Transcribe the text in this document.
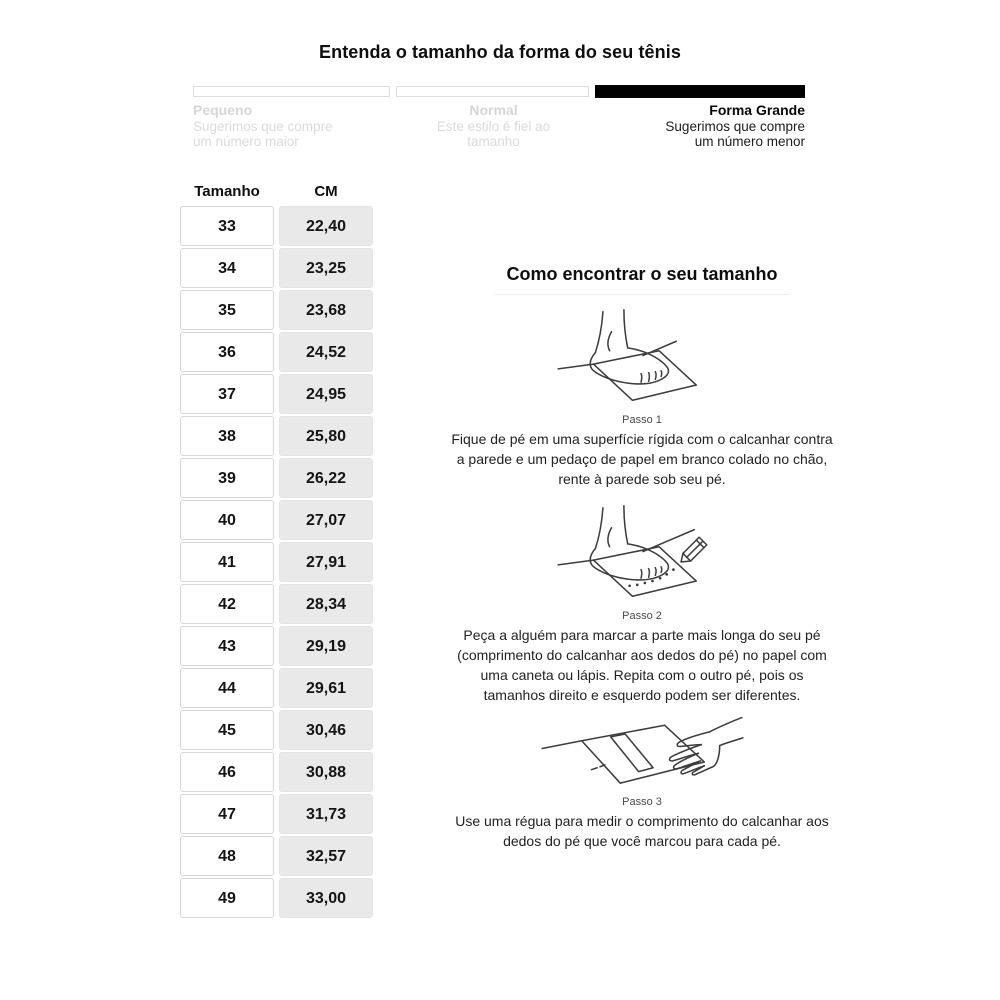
Entenda o tamanho da forma do seu tênis
Pequeno
Sugerimos que compre um número maior
Normal
Este estilo é fiel ao tamanho
Forma Grande
Sugerimos que compre um número menor
Tamanho	CM
33	22,40
34	23,25
35	23,68
36	24,52
37	24,95
38	25,80
39	26,22
40	27,07
41	27,91
42	28,34
43	29,19
44	29,61
45	30,46
46	30,88
47	31,73
48	32,57
49	33,00
Como encontrar o seu tamanho
Passo 1
Fique de pé em uma superfície rígida com o calcanhar contra a parede e um pedaço de papel em branco colado no chão, rente à parede sob seu pé.
Passo 2
Peça a alguém para marcar a parte mais longa do seu pé (comprimento do calcanhar aos dedos do pé) no papel com uma caneta ou lápis. Repita com o outro pé, pois os tamanhos direito e esquerdo podem ser diferentes.
Passo 3
Use uma régua para medir o comprimento do calcanhar aos dedos do pé que você marcou para cada pé.
